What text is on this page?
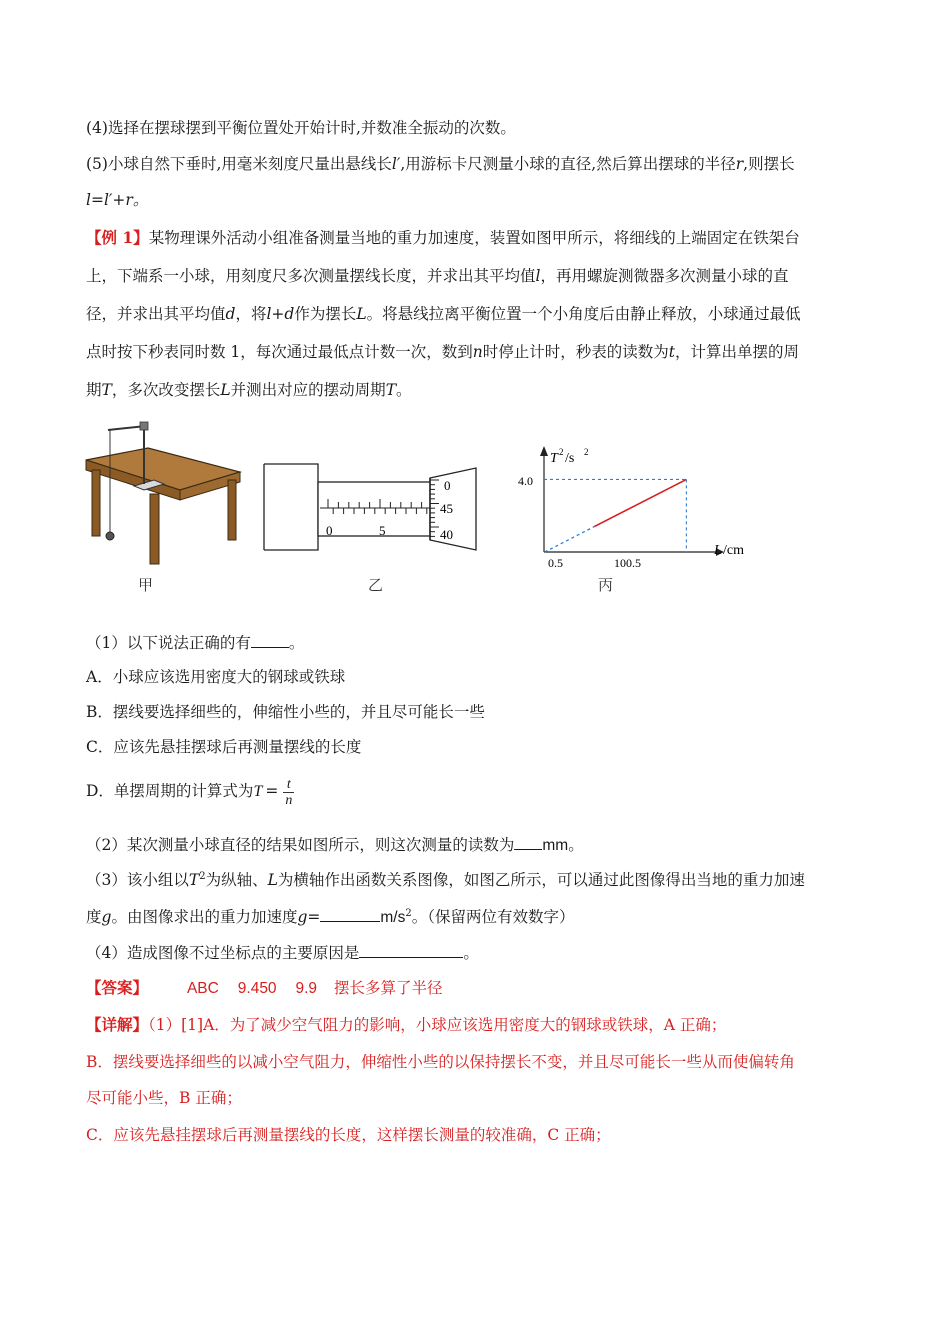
(4)选择在摆球摆到平衡位置处开始计时,并数准全振动的次数。
(5)小球自然下垂时,用毫米刻度尺量出悬线长l′,用游标卡尺测量小球的直径,然后算出摆球的半径r,则摆长
l=l′+r。
【例 1】某物理课外活动小组准备测量当地的重力加速度，装置如图甲所示，将细线的上端固定在铁架台
上，下端系一小球，用刻度尺多次测量摆线长度，并求出其平均值l，再用螺旋测微器多次测量小球的直
径，并求出其平均值d，将l+d作为摆长L。将悬线拉离平衡位置一个小角度后由静止释放，小球通过最低
点时按下秒表同时数 1，每次通过最低点计数一次，数到n时停止计时，秒表的读数为t，计算出单摆的周
期T，多次改变摆长L并测出对应的摆动周期T。
甲
0	5
0
45
40
乙
T 2 /s 2
L /cm
4.0
0.5	100.5
丙
（1）以下说法正确的有 。
A．小球应该选用密度大的钢球或铁球
B．摆线要选择细些的，伸缩性小些的，并且尽可能长一些
C．应该先悬挂摆球后再测量摆线的长度
D．单摆周期的计算式为$T = \frac{t}{n}$
（2）某次测量小球直径的结果如图所示，则这次测量的读数为 mm。
（3）该小组以$T^2$为纵轴、L为横轴作出函数关系图像，如图乙所示，可以通过此图像得出当地的重力加速
度g。由图像求出的重力加速度g=	$m/s^2$。（保留两位有效数字）
（4）造成图像不过坐标点的主要原因是	。
【答案】	ABC 9.450 9.9 摆长多算了半径
【详解】（1）[1]A．为了减少空气阻力的影响，小球应该选用密度大的钢球或铁球，A 正确；
B．摆线要选择细些的以减小空气阻力，伸缩性小些的以保持摆长不变，并且尽可能长一些从而使偏转角
尽可能小些，B 正确；
C．应该先悬挂摆球后再测量摆线的长度，这样摆长测量的较准确，C 正确；
